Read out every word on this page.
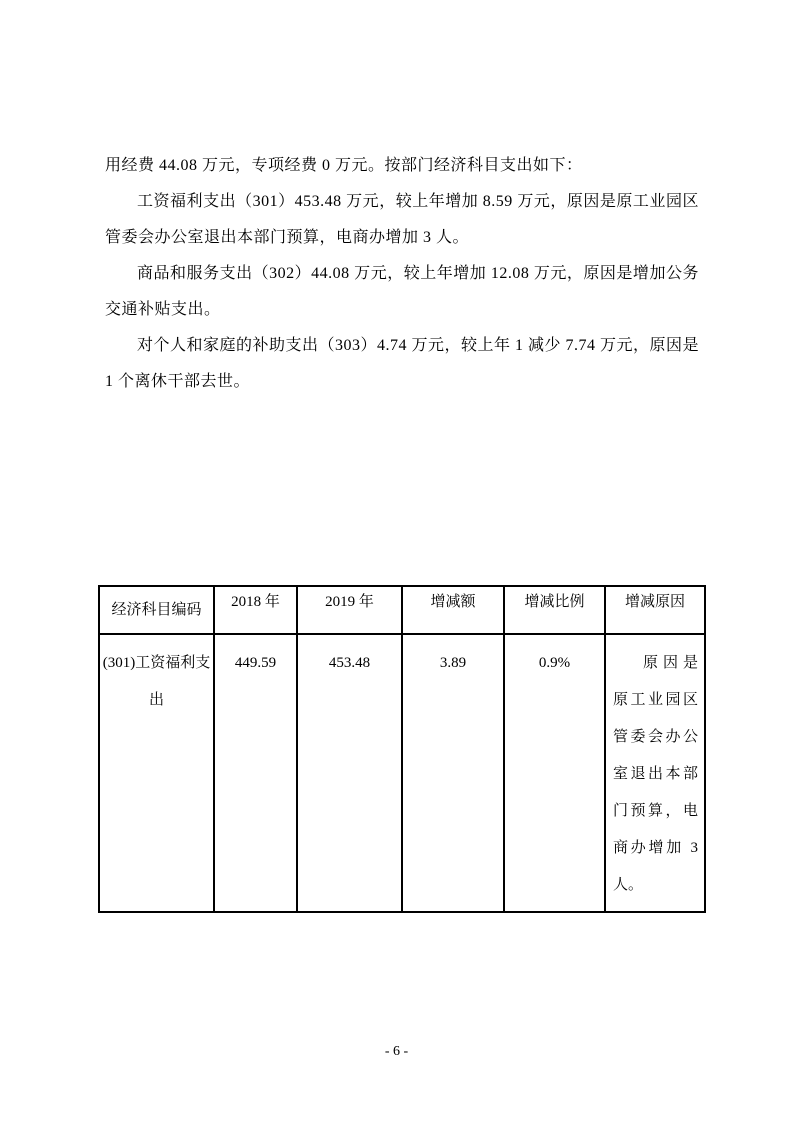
用经费 44.08 万元，专项经费 0 万元。按部门经济科目支出如下：

工资福利支出（301）453.48 万元，较上年增加 8.59 万元，原因是原工业园区管委会办公室退出本部门预算，电商办增加 3 人。

商品和服务支出（302）44.08 万元，较上年增加 12.08 万元，原因是增加公务交通补贴支出。

对个人和家庭的补助支出（303）4.74 万元，较上年 1 减少 7.74 万元，原因是 1 个离休干部去世。

经济科目编码	2018 年	2019 年	增减额	增减比例	增减原因
(301)工资福利支出	449.59	453.48	3.89	0.9%	原因是原工业园区管委会办公室退出本部门预算，电商办增加 3 人。
- 6 -
